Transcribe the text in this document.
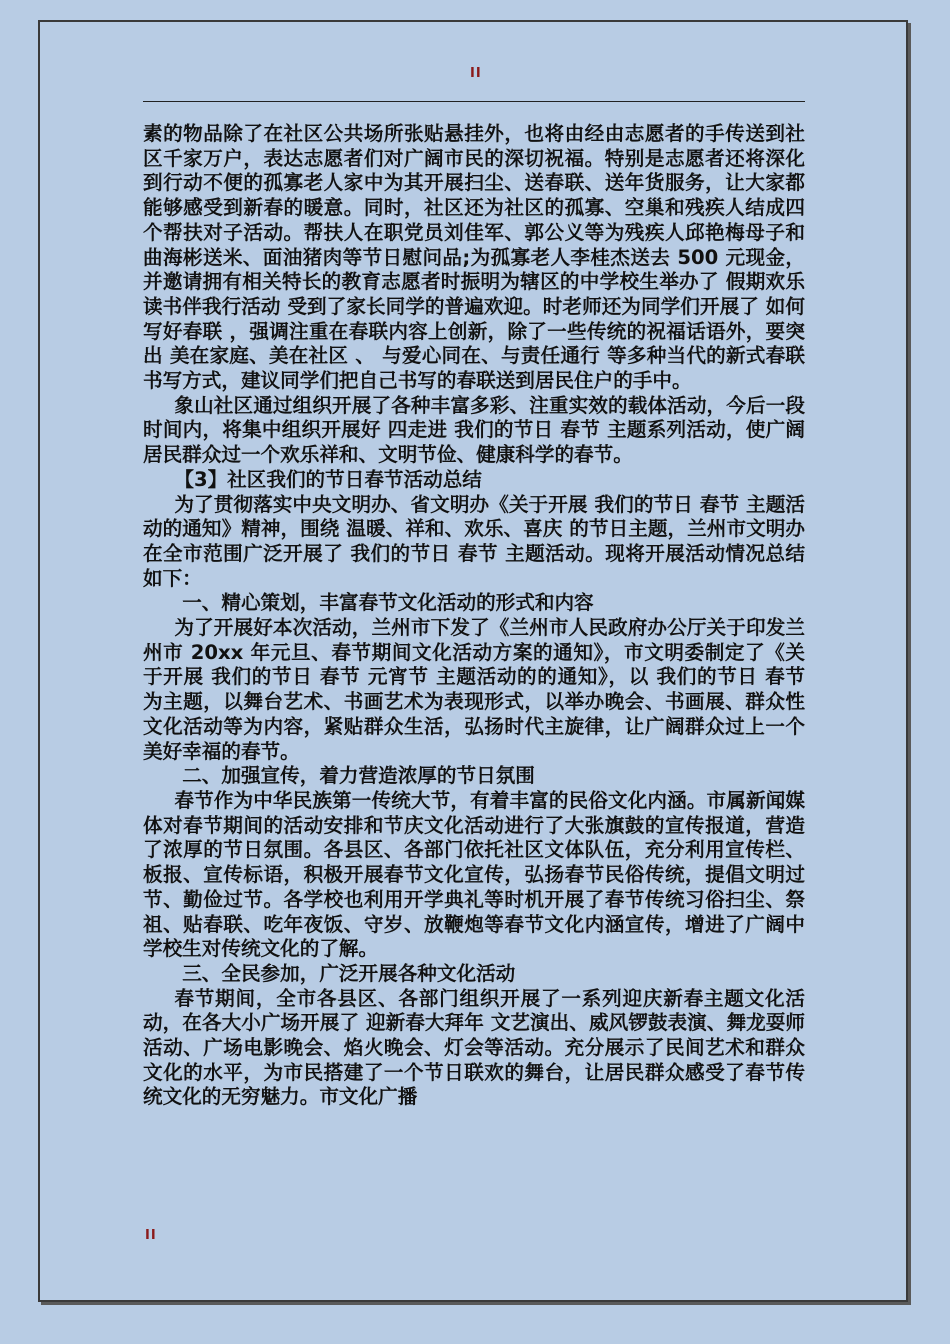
II

素的物品除了在社区公共场所张贴悬挂外，也将由经由志愿者的手传送到社区千家万户，表达志愿者们对广阔市民的深切祝福。特别是志愿者还将深化到行动不便的孤寡老人家中为其开展扫尘、送春联、送年货服务，让大家都能够感受到新春的暖意。同时，社区还为社区的孤寡、空巢和残疾人结成四个帮扶对子活动。帮扶人在职党员刘佳军、郭公义等为残疾人邱艳梅母子和曲海彬送米、面油猪肉等节日慰问品;为孤寡老人李桂杰送去 500 元现金，并邀请拥有相关特长的教育志愿者时振明为辖区的中学校生举办了 假期欢乐读书伴我行活动 受到了家长同学的普遍欢迎。时老师还为同学们开展了 如何写好春联 ，强调注重在春联内容上创新，除了一些传统的祝福话语外，要突出 美在家庭、美在社区 、 与爱心同在、与责任通行 等多种当代的新式春联书写方式，建议同学们把自己书写的春联送到居民住户的手中。

象山社区通过组织开展了各种丰富多彩、注重实效的载体活动，今后一段时间内，将集中组织开展好 四走进 我们的节日 春节 主题系列活动，使广阔居民群众过一个欢乐祥和、文明节俭、健康科学的春节。

【3】社区我们的节日春节活动总结

为了贯彻落实中央文明办、省文明办《关于开展 我们的节日 春节 主题活动的通知》精神，围绕 温暖、祥和、欢乐、喜庆 的节日主题，兰州市文明办在全市范围广泛开展了 我们的节日 春节 主题活动。现将开展活动情况总结如下：

一、精心策划，丰富春节文化活动的形式和内容

为了开展好本次活动，兰州市下发了《兰州市人民政府办公厅关于印发兰州市 20xx 年元旦、春节期间文化活动方案的通知》，市文明委制定了《关于开展 我们的节日 春节 元宵节 主题活动的的通知》，以 我们的节日 春节 为主题，以舞台艺术、书画艺术为表现形式，以举办晚会、书画展、群众性文化活动等为内容，紧贴群众生活，弘扬时代主旋律，让广阔群众过上一个美好幸福的春节。

二、加强宣传，着力营造浓厚的节日氛围

春节作为中华民族第一传统大节，有着丰富的民俗文化内涵。市属新闻媒体对春节期间的活动安排和节庆文化活动进行了大张旗鼓的宣传报道，营造了浓厚的节日氛围。各县区、各部门依托社区文体队伍，充分利用宣传栏、板报、宣传标语，积极开展春节文化宣传，弘扬春节民俗传统，提倡文明过节、勤俭过节。各学校也利用开学典礼等时机开展了春节传统习俗扫尘、祭祖、贴春联、吃年夜饭、守岁、放鞭炮等春节文化内涵宣传，增进了广阔中学校生对传统文化的了解。

三、全民参加，广泛开展各种文化活动

春节期间，全市各县区、各部门组织开展了一系列迎庆新春主题文化活动，在各大小广场开展了 迎新春大拜年 文艺演出、威风锣鼓表演、舞龙耍师活动、广场电影晚会、焰火晚会、灯会等活动。充分展示了民间艺术和群众文化的水平，为市民搭建了一个节日联欢的舞台，让居民群众感受了春节传统文化的无穷魅力。市文化广播

II
